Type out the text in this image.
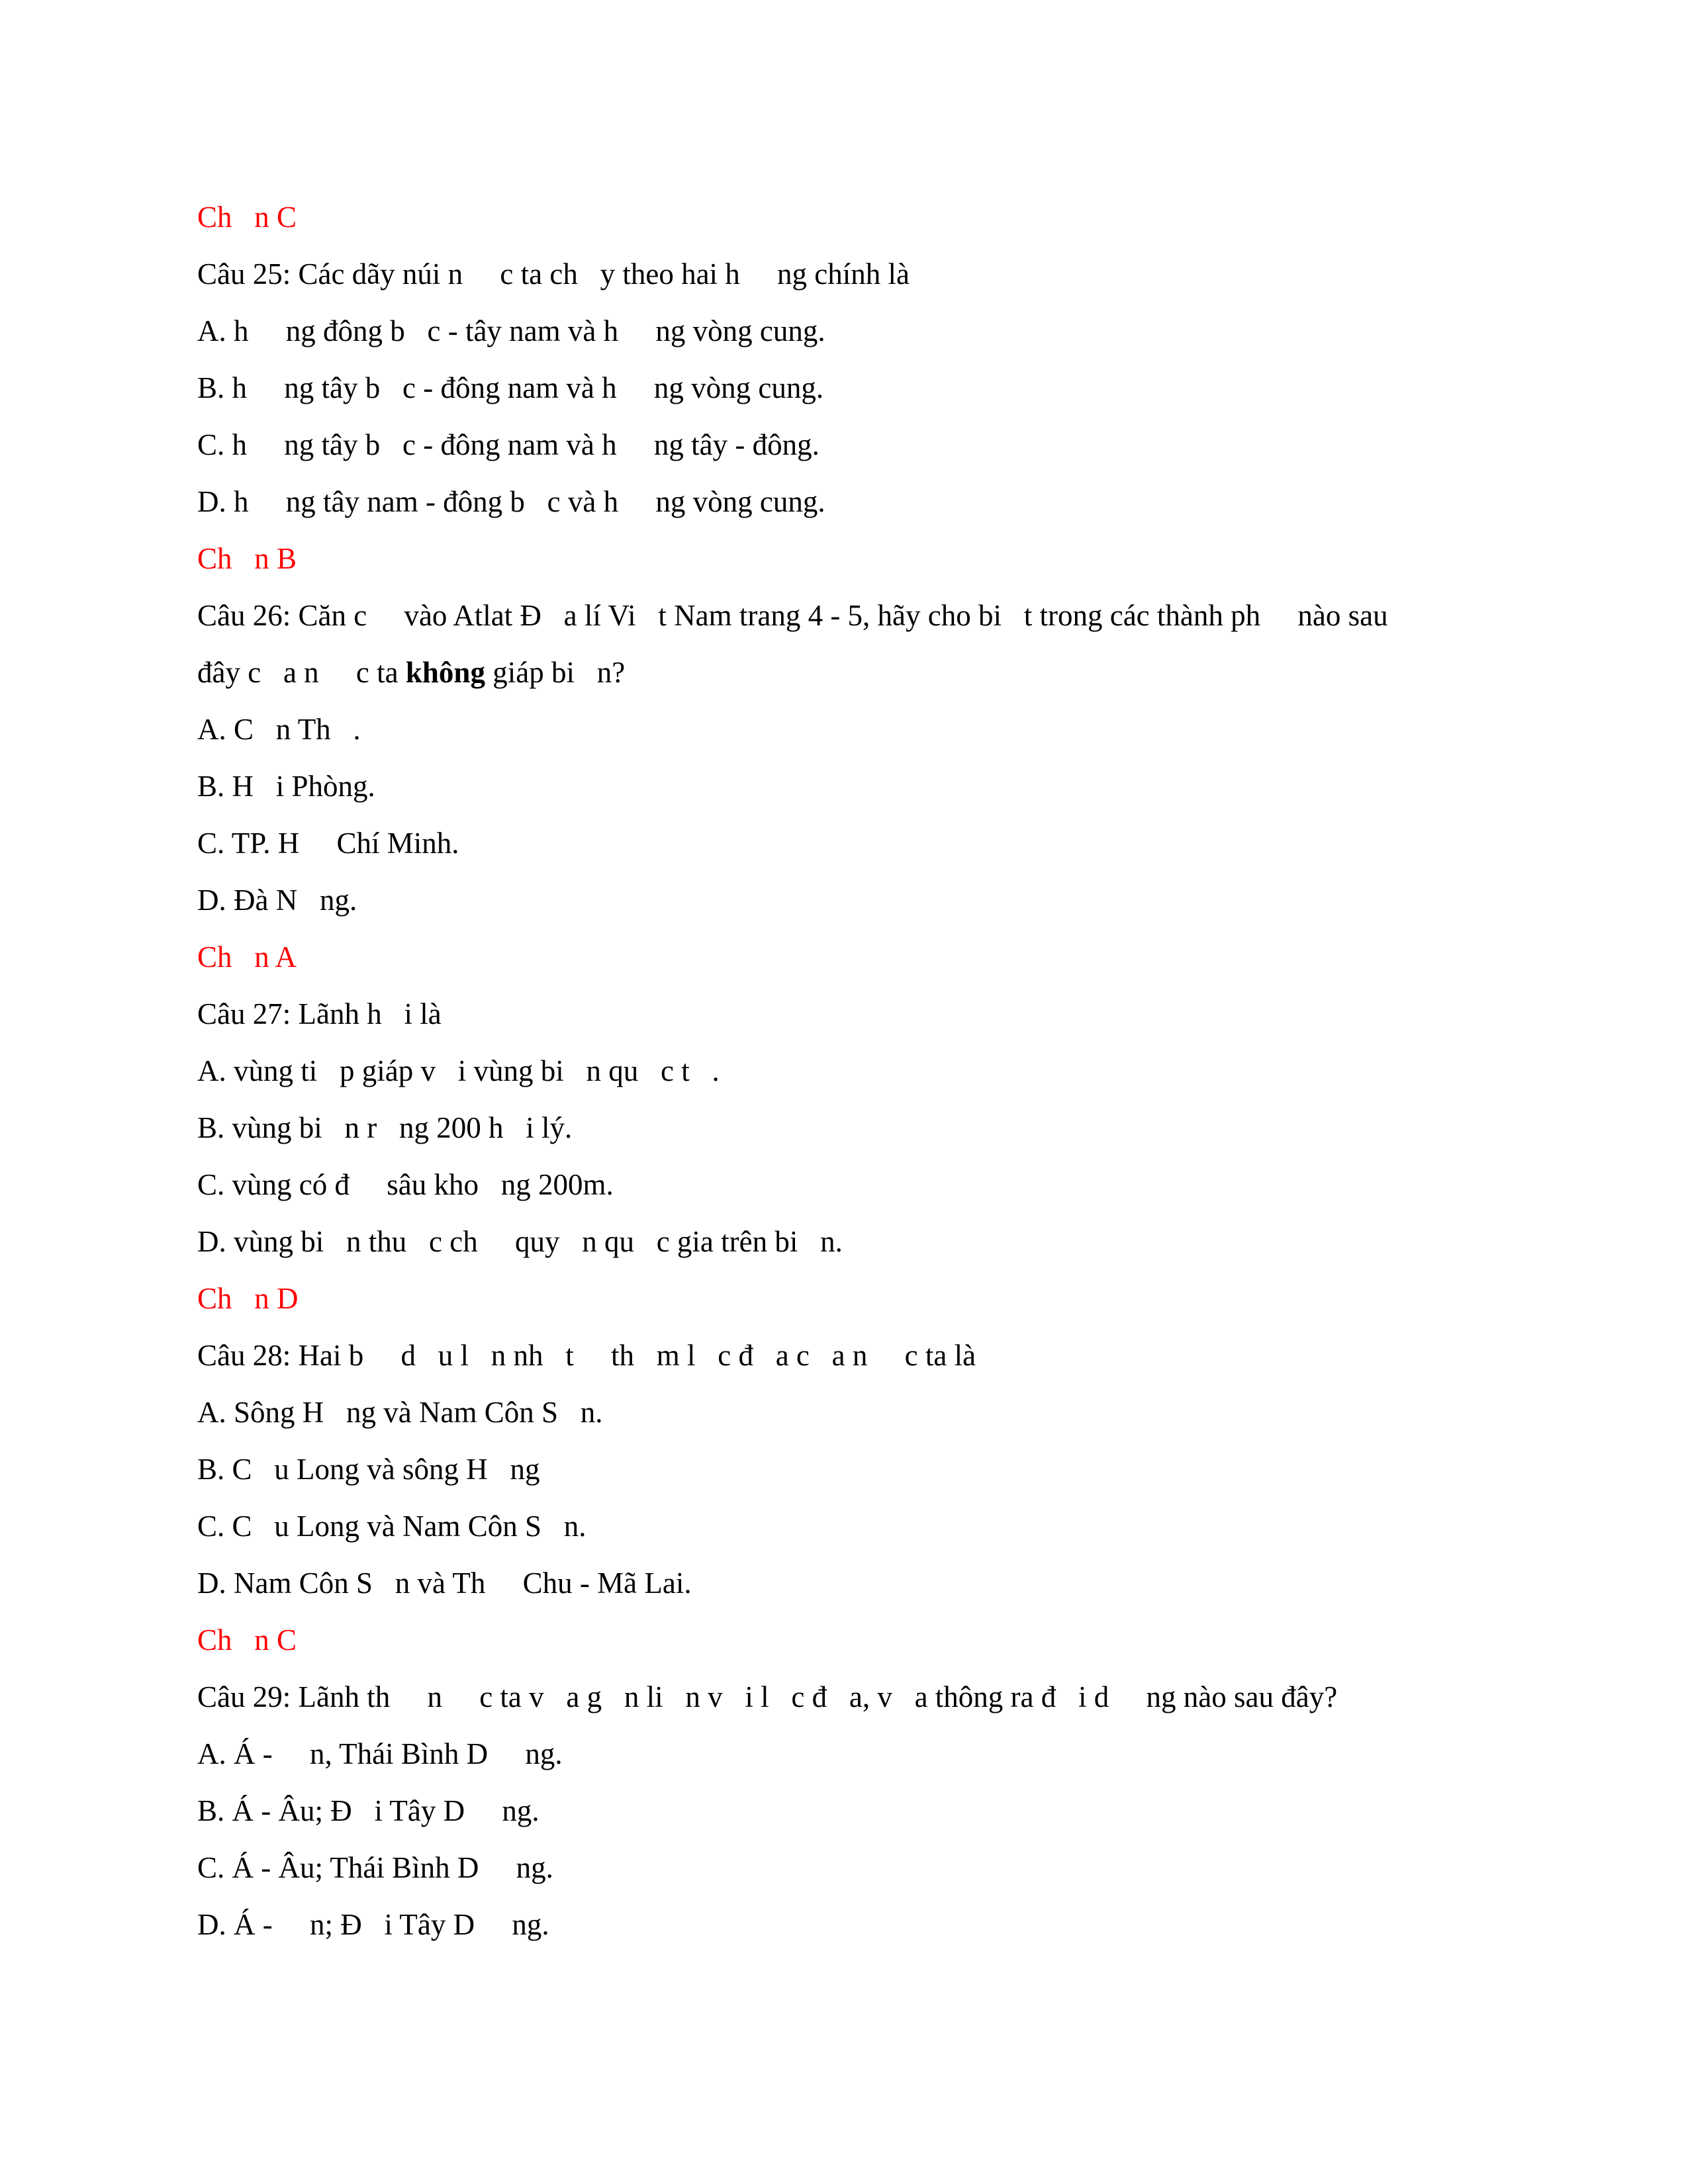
Ch   n C
Câu 25: Các dãy núi n     c ta ch   y theo hai h     ng chính là
A. h     ng đông b   c - tây nam và h     ng vòng cung.
B. h     ng tây b   c - đông nam và h     ng vòng cung.
C. h     ng tây b   c - đông nam và h     ng tây - đông.
D. h     ng tây nam - đông b   c và h     ng vòng cung.
Ch   n B
Câu 26: Căn c     vào Atlat Đ   a lí Vi   t Nam trang 4 - 5, hãy cho bi   t trong các thành ph     nào sau
đây c   a n     c ta không giáp bi   n?
A. C   n Th   .
B. H   i Phòng.
C. TP. H     Chí Minh.
D. Đà N   ng.
Ch   n A
Câu 27: Lãnh h   i là
A. vùng ti   p giáp v   i vùng bi   n qu   c t   .
B. vùng bi   n r   ng 200 h   i lý.
C. vùng có đ     sâu kho   ng 200m.
D. vùng bi   n thu   c ch     quy   n qu   c gia trên bi   n.
Ch   n D
Câu 28: Hai b     d   u l   n nh   t     th   m l   c đ   a c   a n     c ta là
A. Sông H   ng và Nam Côn S   n.
B. C   u Long và sông H   ng
C. C   u Long và Nam Côn S   n.
D. Nam Côn S   n và Th     Chu - Mã Lai.
Ch   n C
Câu 29: Lãnh th     n     c ta v   a g   n li   n v   i l   c đ   a, v   a thông ra đ   i d     ng nào sau đây?
A. Á -     n, Thái Bình D     ng.
B. Á - Âu; Đ   i Tây D     ng.
C. Á - Âu; Thái Bình D     ng.
D. Á -     n; Đ   i Tây D     ng.
